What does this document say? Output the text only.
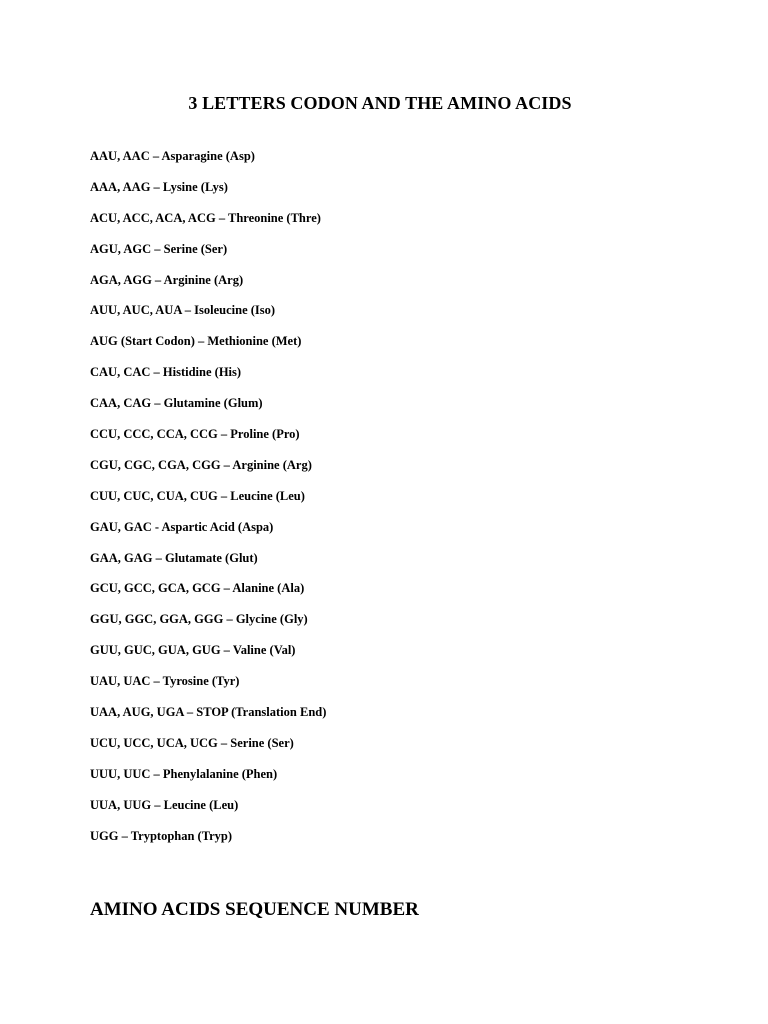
3 LETTERS CODON AND THE AMINO ACIDS
AAU, AAC – Asparagine (Asp)
AAA, AAG – Lysine (Lys)
ACU, ACC, ACA, ACG – Threonine (Thre)
AGU, AGC – Serine (Ser)
AGA, AGG – Arginine (Arg)
AUU, AUC, AUA – Isoleucine (Iso)
AUG (Start Codon) – Methionine (Met)
CAU, CAC – Histidine (His)
CAA, CAG – Glutamine (Glum)
CCU, CCC, CCA, CCG – Proline (Pro)
CGU, CGC, CGA, CGG – Arginine (Arg)
CUU, CUC, CUA, CUG – Leucine (Leu)
GAU, GAC - Aspartic Acid (Aspa)
GAA, GAG – Glutamate (Glut)
GCU, GCC, GCA, GCG – Alanine (Ala)
GGU, GGC, GGA, GGG – Glycine (Gly)
GUU, GUC, GUA, GUG – Valine (Val)
UAU, UAC – Tyrosine (Tyr)
UAA, AUG, UGA – STOP (Translation End)
UCU, UCC, UCA, UCG – Serine (Ser)
UUU, UUC – Phenylalanine (Phen)
UUA, UUG – Leucine (Leu)
UGG – Tryptophan (Tryp)
AMINO ACIDS SEQUENCE NUMBER
